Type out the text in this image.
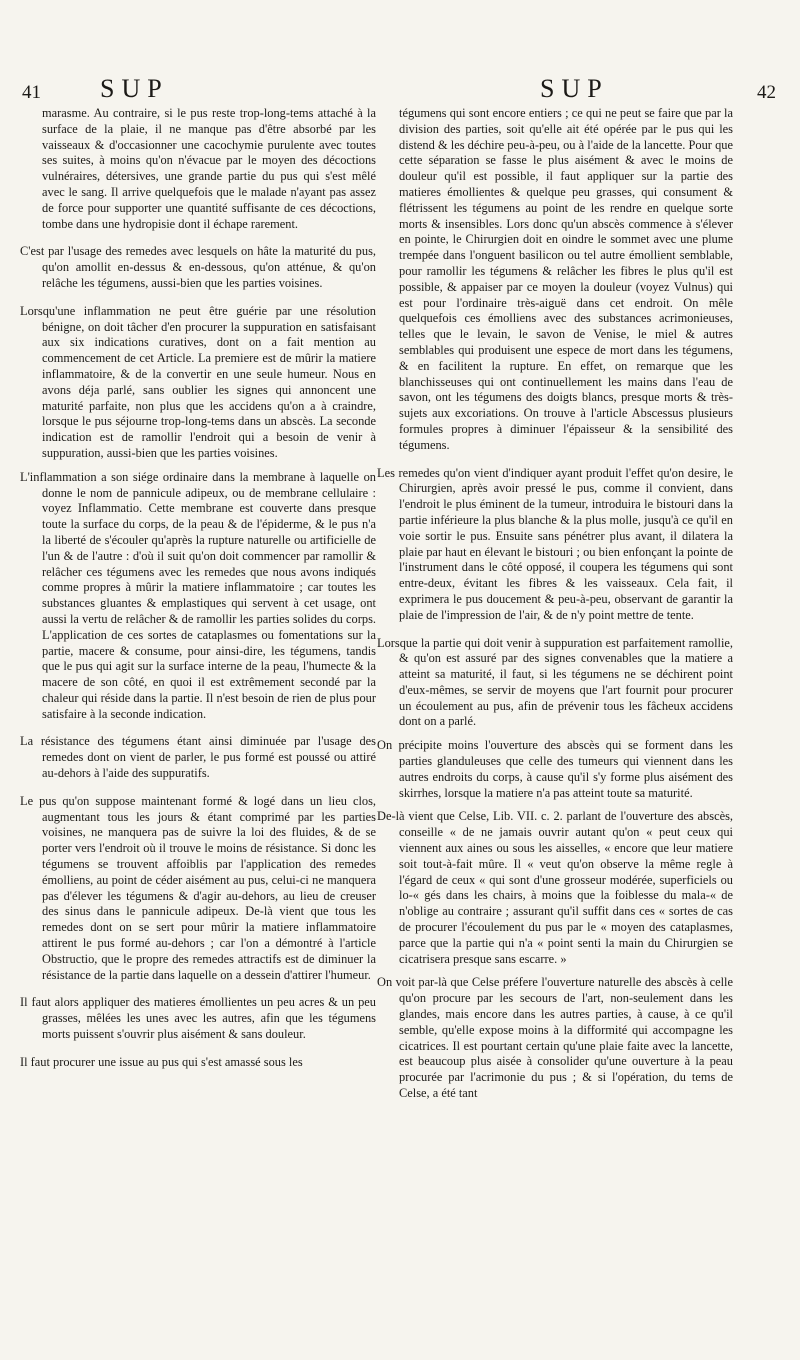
41 SUP	SUP	42

marasme. Au contraire, si le pus reste trop-long-tems attaché à la surface de la plaie, il ne manque pas d'être absorbé par les vaisseaux & d'occasionner une cacochymie purulente avec toutes ses suites, à moins qu'on n'évacue par le moyen des décoctions vulnéraires, détersives, une grande partie du pus qui s'est mêlé avec le sang. Il arrive quelquefois que le malade n'ayant pas assez de force pour supporter une quantité suffisante de ces décoctions, tombe dans une hydropisie dont il échape rarement.

C'est par l'usage des remedes avec lesquels on hâte la maturité du pus, qu'on amollit en-dessus & en-dessous, qu'on atténue, & qu'on relâche les tégumens, aussi-bien que les parties voisines.

Lorsqu'une inflammation ne peut être guérie par une résolution bénigne, on doit tâcher d'en procurer la suppuration en satisfaisant aux six indications curatives, dont on a fait mention au commencement de cet Article. La premiere est de mûrir la matiere inflammatoire, & de la convertir en une seule humeur. Nous en avons déja parlé, sans oublier les signes qui annoncent une maturité parfaite, non plus que les accidens qu'on a à craindre, lorsque le pus séjourne trop-long-tems dans un abscès. La seconde indication est de ramollir l'endroit qui a besoin de venir à suppuration, aussi-bien que les parties voisines.

L'inflammation a son siége ordinaire dans la membrane à laquelle on donne le nom de pannicule adipeux, ou de membrane cellulaire : voyez Inflammatio. Cette membrane est couverte dans presque toute la surface du corps, de la peau & de l'épiderme, & le pus n'a la liberté de s'écouler qu'après la rupture naturelle ou artificielle de l'un & de l'autre : d'où il suit qu'on doit commencer par ramollir & relâcher ces tégumens avec les remedes que nous avons indiqués comme propres à mûrir la matiere inflammatoire ; car toutes les substances gluantes & emplastiques qui servent à cet usage, ont aussi la vertu de relâcher & de ramollir les parties solides du corps. L'application de ces sortes de cataplasmes ou fomentations sur la partie, macere & consume, pour ainsi-dire, les tégumens, tandis que le pus qui agit sur la surface interne de la peau, l'humecte & la macere de son côté, en quoi il est extrêmement secondé par la chaleur qui réside dans la partie. Il n'est besoin de rien de plus pour satisfaire à la seconde indication.

La résistance des tégumens étant ainsi diminuée par l'usage des remedes dont on vient de parler, le pus formé est poussé ou attiré au-dehors à l'aide des suppuratifs.

Le pus qu'on suppose maintenant formé & logé dans un lieu clos, augmentant tous les jours & étant comprimé par les parties voisines, ne manquera pas de suivre la loi des fluides, & de se porter vers l'endroit où il trouve le moins de résistance. Si donc les tégumens se trouvent affoiblis par l'application des remedes émolliens, au point de céder aisément au pus, celui-ci ne manquera pas d'élever les tégumens & d'agir au-dehors, au lieu de creuser des sinus dans le pannicule adipeux. De-là vient que tous les remedes dont on se sert pour mûrir la matiere inflammatoire attirent le pus formé au-dehors ; car l'on a démontré à l'article Obstructio, que le propre des remedes attractifs est de diminuer la résistance de la partie dans laquelle on a dessein d'attirer l'humeur.

Il faut alors appliquer des matieres émollientes un peu acres & un peu grasses, mêlées les unes avec les autres, afin que les tégumens morts puissent s'ouvrir plus aisément & sans douleur.

Il faut procurer une issue au pus qui s'est amassé sous les

tégumens qui sont encore entiers ; ce qui ne peut se faire que par la division des parties, soit qu'elle ait été opérée par le pus qui les distend & les déchire peu-à-peu, ou à l'aide de la lancette. Pour que cette séparation se fasse le plus aisément & avec le moins de douleur qu'il est possible, il faut appliquer sur la partie des matieres émollientes & quelque peu grasses, qui consument & flétrissent les tégumens au point de les rendre en quelque sorte morts & insensibles. Lors donc qu'un abscès commence à s'élever en pointe, le Chirurgien doit en oindre le sommet avec une plume trempée dans l'onguent basilicon ou tel autre émollient semblable, pour ramollir les tégumens & relâcher les fibres le plus qu'il est possible, & appaiser par ce moyen la douleur (voyez Vulnus) qui est pour l'ordinaire très-aiguë dans cet endroit. On mêle quelquefois ces émolliens avec des substances acrimonieuses, telles que le levain, le savon de Venise, le miel & autres semblables qui produisent une espece de mort dans les tégumens, & en facilitent la rupture. En effet, on remarque que les blanchisseuses qui ont continuellement les mains dans l'eau de savon, ont les tégumens des doigts blancs, presque morts & très-sujets aux excoriations. On trouve à l'article Abscessus plusieurs formules propres à diminuer l'épaisseur & la sensibilité des tégumens.

Les remedes qu'on vient d'indiquer ayant produit l'effet qu'on desire, le Chirurgien, après avoir pressé le pus, comme il convient, dans l'endroit le plus éminent de la tumeur, introduira le bistouri dans la partie inférieure la plus blanche & la plus molle, jusqu'à ce qu'il en voie sortir le pus. Ensuite sans pénétrer plus avant, il dilatera la plaie par haut en élevant le bistouri ; ou bien enfonçant la pointe de l'instrument dans le côté opposé, il coupera les tégumens qui sont entre-deux, évitant les fibres & les vaisseaux. Cela fait, il exprimera le pus doucement & peu-à-peu, observant de garantir la plaie de l'impression de l'air, & de n'y point mettre de tente.

Lorsque la partie qui doit venir à suppuration est parfaitement ramollie, & qu'on est assuré par des signes convenables que la matiere a atteint sa maturité, il faut, si les tégumens ne se déchirent point d'eux-mêmes, se servir de moyens que l'art fournit pour procurer un écoulement au pus, afin de prévenir tous les fâcheux accidens dont on a parlé.

On précipite moins l'ouverture des abscès qui se forment dans les parties glanduleuses que celle des tumeurs qui viennent dans les autres endroits du corps, à cause qu'il s'y forme plus aisément des skirrhes, lorsque la matiere n'a pas atteint toute sa maturité.

De-là vient que Celse, Lib. VII. c. 2. parlant de l'ouverture des abscès, conseille « de ne jamais ouvrir autant qu'on « peut ceux qui viennent aux aines ou sous les aisselles, « encore que leur matiere soit tout-à-fait mûre. Il « veut qu'on observe la même regle à l'égard de ceux « qui sont d'une grosseur modérée, superficiels ou lo-« gés dans les chairs, à moins que la foiblesse du mala-« de n'oblige au contraire ; assurant qu'il suffit dans ces « sortes de cas de procurer l'écoulement du pus par le « moyen des cataplasmes, parce que la partie qui n'a « point senti la main du Chirurgien se cicatrisera presque sans escarre. »

On voit par-là que Celse préfere l'ouverture naturelle des abscès à celle qu'on procure par les secours de l'art, non-seulement dans les glandes, mais encore dans les autres parties, à cause, à ce qu'il semble, qu'elle expose moins à la difformité qui accompagne les cicatrices. Il est pourtant certain qu'une plaie faite avec la lancette, est beaucoup plus aisée à consolider qu'une ouverture à la peau procurée par l'acrimonie du pus ; & si l'opération, du tems de Celse, a été tant
